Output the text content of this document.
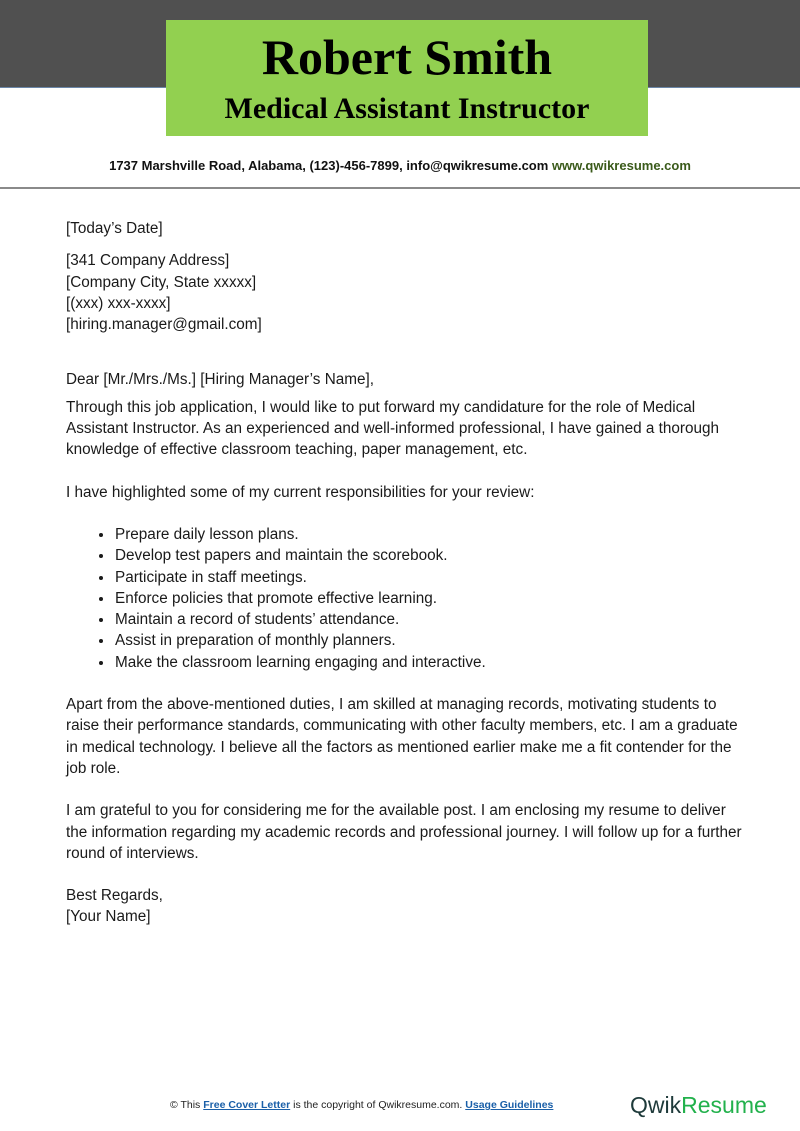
Robert Smith
Medical Assistant Instructor
1737 Marshville Road, Alabama, (123)-456-7899, info@qwikresume.com www.qwikresume.com

[Today’s Date]

[341 Company Address]

[Company City, State xxxxx]

[(xxx) xxx-xxxx]

[hiring.manager@gmail.com]

Dear [Mr./Mrs./Ms.] [Hiring Manager’s Name],

Through this job application, I would like to put forward my candidature for the role of Medical Assistant Instructor. As an experienced and well-informed professional, I have gained a thorough knowledge of effective classroom teaching, paper management, etc.

I have highlighted some of my current responsibilities for your review:

• Prepare daily lesson plans.
• Develop test papers and maintain the scorebook.
• Participate in staff meetings.
• Enforce policies that promote effective learning.
• Maintain a record of students’ attendance.
• Assist in preparation of monthly planners.
• Make the classroom learning engaging and interactive.

Apart from the above-mentioned duties, I am skilled at managing records, motivating students to raise their performance standards, communicating with other faculty members, etc. I am a graduate in medical technology. I believe all the factors as mentioned earlier make me a fit contender for the job role.

I am grateful to you for considering me for the available post. I am enclosing my resume to deliver the information regarding my academic records and professional journey. I will follow up for a further round of interviews.

Best Regards,

[Your Name]

© This Free Cover Letter is the copyright of Qwikresume.com. Usage Guidelines	QwikResume
